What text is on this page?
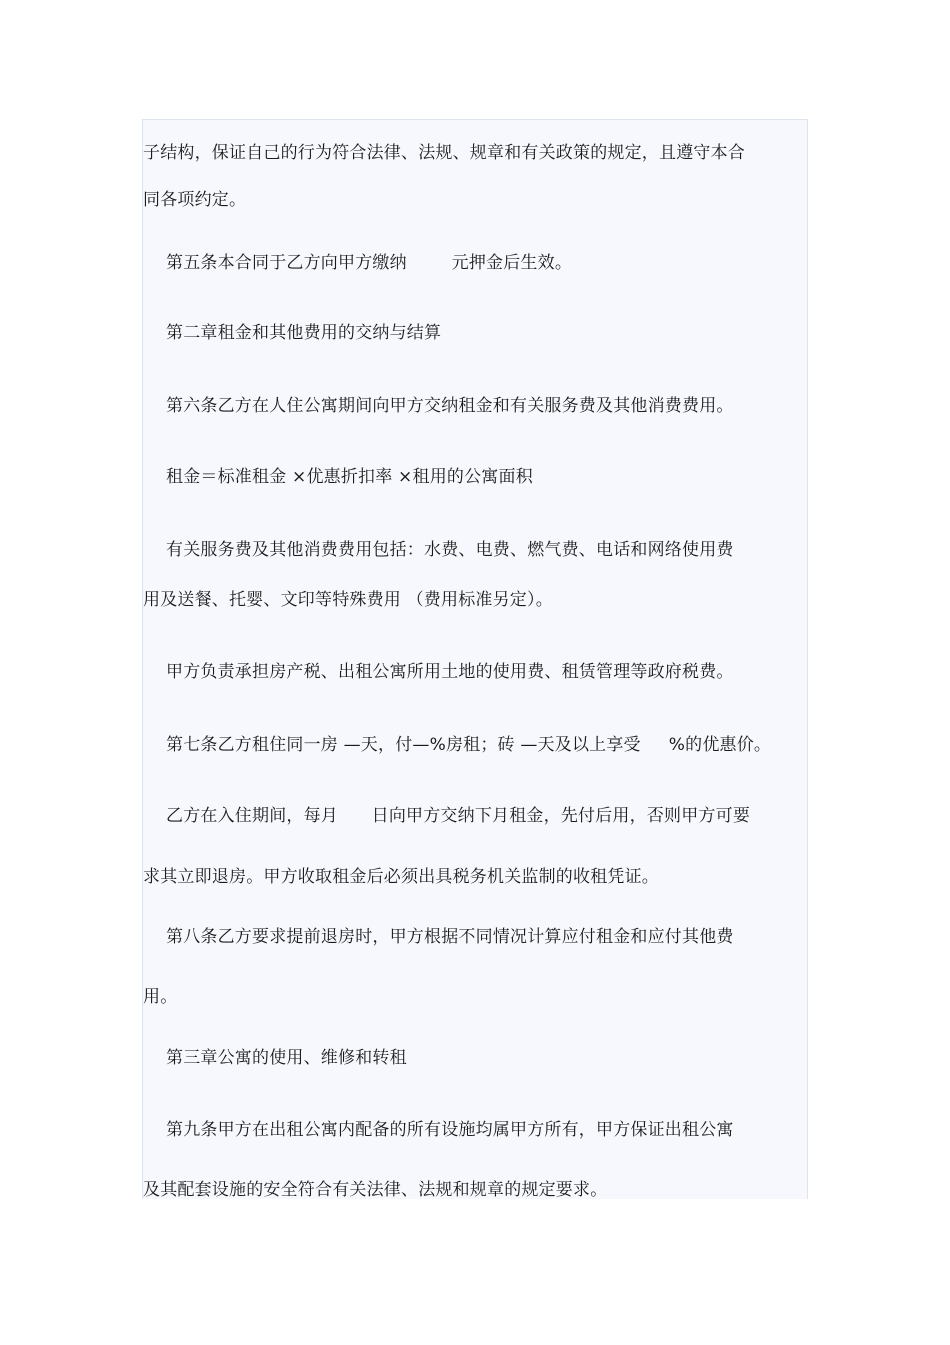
子结构，保证自己的行为符合法律、法规、规章和有关政策的规定，且遵守本合
同各项约定。
第五条本合同于乙方向甲方缴纳        元押金后生效。
第二章租金和其他费用的交纳与结算
第六条乙方在人住公寓期间向甲方交纳租金和有关服务费及其他消费费用。
租金＝标准租金 ×优惠折扣率 ×租用的公寓面积
有关服务费及其他消费费用包括：水费、电费、燃气费、电话和网络使用费
用及送餐、托婴、文印等特殊费用 （费用标准另定）。
甲方负责承担房产税、出租公寓所用土地的使用费、租赁管理等政府税费。
第七条乙方租住同一房 —天，付—%房租；砖 —天及以上享受     %的优惠价。
乙方在入住期间，每月      日向甲方交纳下月租金，先付后用，否则甲方可要
求其立即退房。甲方收取租金后必须出具税务机关监制的收租凭证。
第八条乙方要求提前退房时，甲方根据不同情况计算应付租金和应付其他费
用。
第三章公寓的使用、维修和转租
第九条甲方在出租公寓内配备的所有设施均属甲方所有，甲方保证出租公寓
及其配套设施的安全符合有关法律、法规和规章的规定要求。
